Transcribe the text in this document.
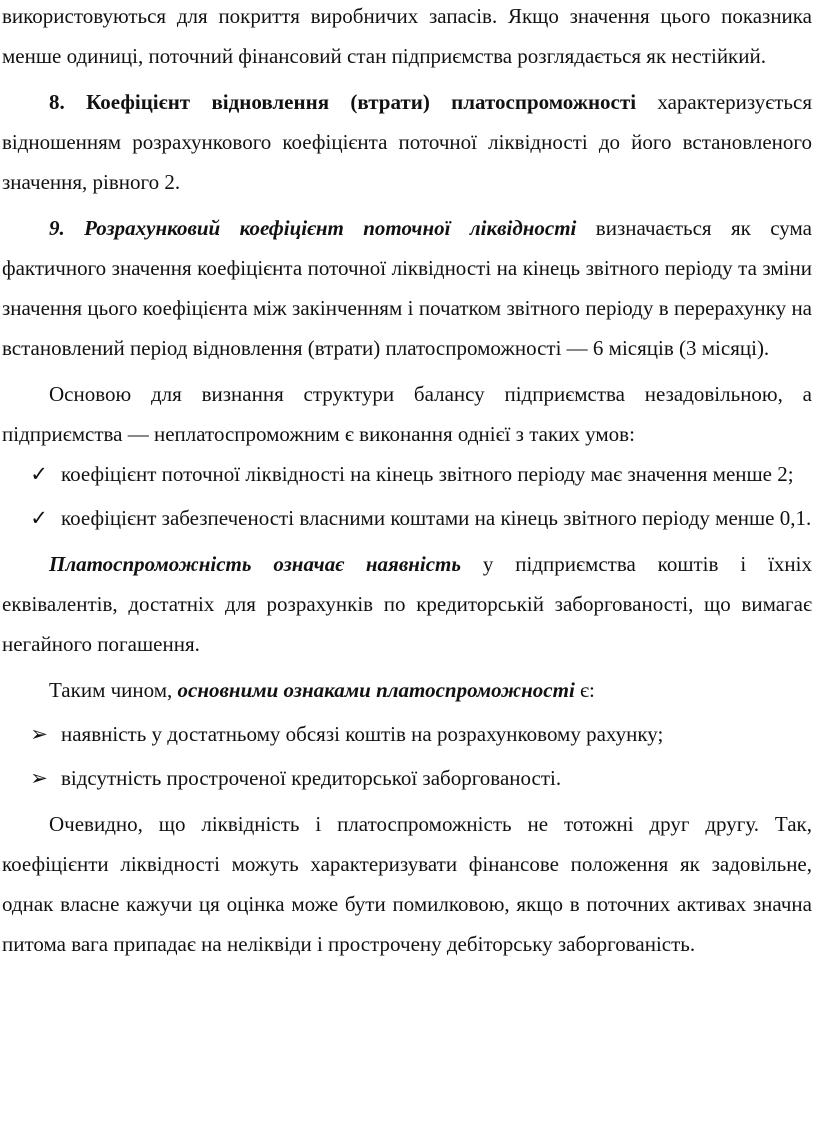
використовуються для покриття виробничих запасів. Якщо значення цього показника менше одиниці, поточний фінансовий стан підприємства розглядається як нестійкий.

8. Коефіцієнт відновлення (втрати) платоспроможності характеризується відношенням розрахункового коефіцієнта поточної ліквідності до його встановленого значення, рівного 2.

9. Розрахунковий коефіцієнт поточної ліквідності визначається як сума фактичного значення коефіцієнта поточної ліквідності на кінець звітного періоду та зміни значення цього коефіцієнта між закінченням і початком звітного періоду в перерахунку на встановлений період відновлення (втрати) платоспроможності — 6 місяців (3 місяці).

Основою для визнання структури балансу підприємства незадовільною, а підприємства — неплатоспроможним є виконання однієї з таких умов:

✓ коефіцієнт поточної ліквідності на кінець звітного періоду має значення менше 2;

✓ коефіцієнт забезпеченості власними коштами на кінець звітного періоду менше 0,1.

Платоспроможність означає наявність у підприємства коштів і їхніх еквівалентів, достатніх для розрахунків по кредиторській заборгованості, що вимагає негайного погашення.

Таким чином, основними ознаками платоспроможності є:

➢ наявність у достатньому обсязі коштів на розрахунковому рахунку;

➢ відсутність простроченої кредиторської заборгованості.

Очевидно, що ліквідність і платоспроможність не тотожні друг другу. Так, коефіцієнти ліквідності можуть характеризувати фінансове положення як задовільне, однак власне кажучи ця оцінка може бути помилковою, якщо в поточних активах значна питома вага припадає на неліквіди і прострочену дебіторську заборгованість.
